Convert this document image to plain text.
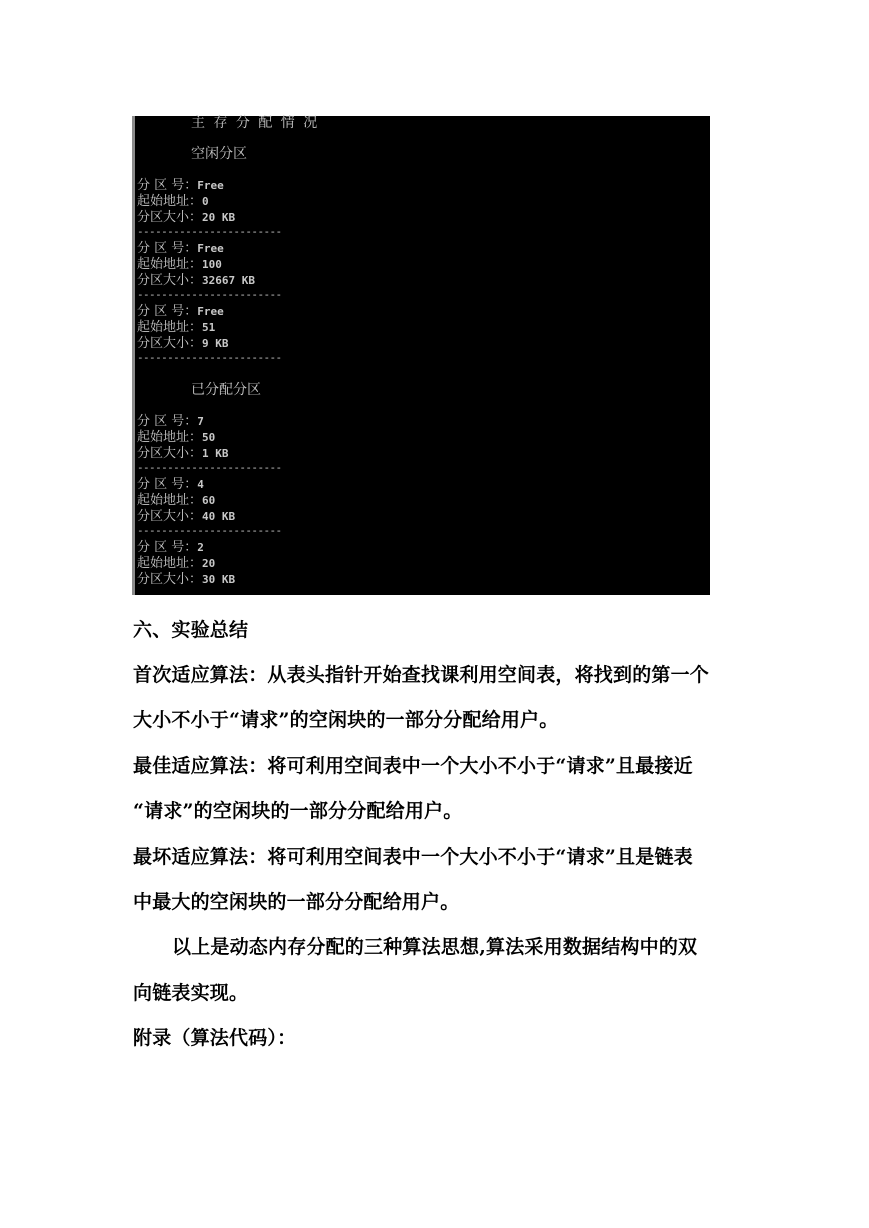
主 存 分 配 情 况
空闲分区
分 区 号：Free
起始地址：0
分区大小：20 KB
------------------------
分 区 号：Free
起始地址：100
分区大小：32667 KB
------------------------
分 区 号：Free
起始地址：51
分区大小：9 KB
------------------------
已分配分区
分 区 号：7
起始地址：50
分区大小：1 KB
------------------------
分 区 号：4
起始地址：60
分区大小：40 KB
------------------------
分 区 号：2
起始地址：20
分区大小：30 KB
六、实验总结
首次适应算法：从表头指针开始查找课利用空间表，将找到的第一个
大小不小于“请求”的空闲块的一部分分配给用户。
最佳适应算法：将可利用空间表中一个大小不小于“请求”且最接近
“请求”的空闲块的一部分分配给用户。
最坏适应算法：将可利用空间表中一个大小不小于“请求”且是链表
中最大的空闲块的一部分分配给用户。
以上是动态内存分配的三种算法思想,算法采用数据结构中的双
向链表实现。
附录（算法代码）：
